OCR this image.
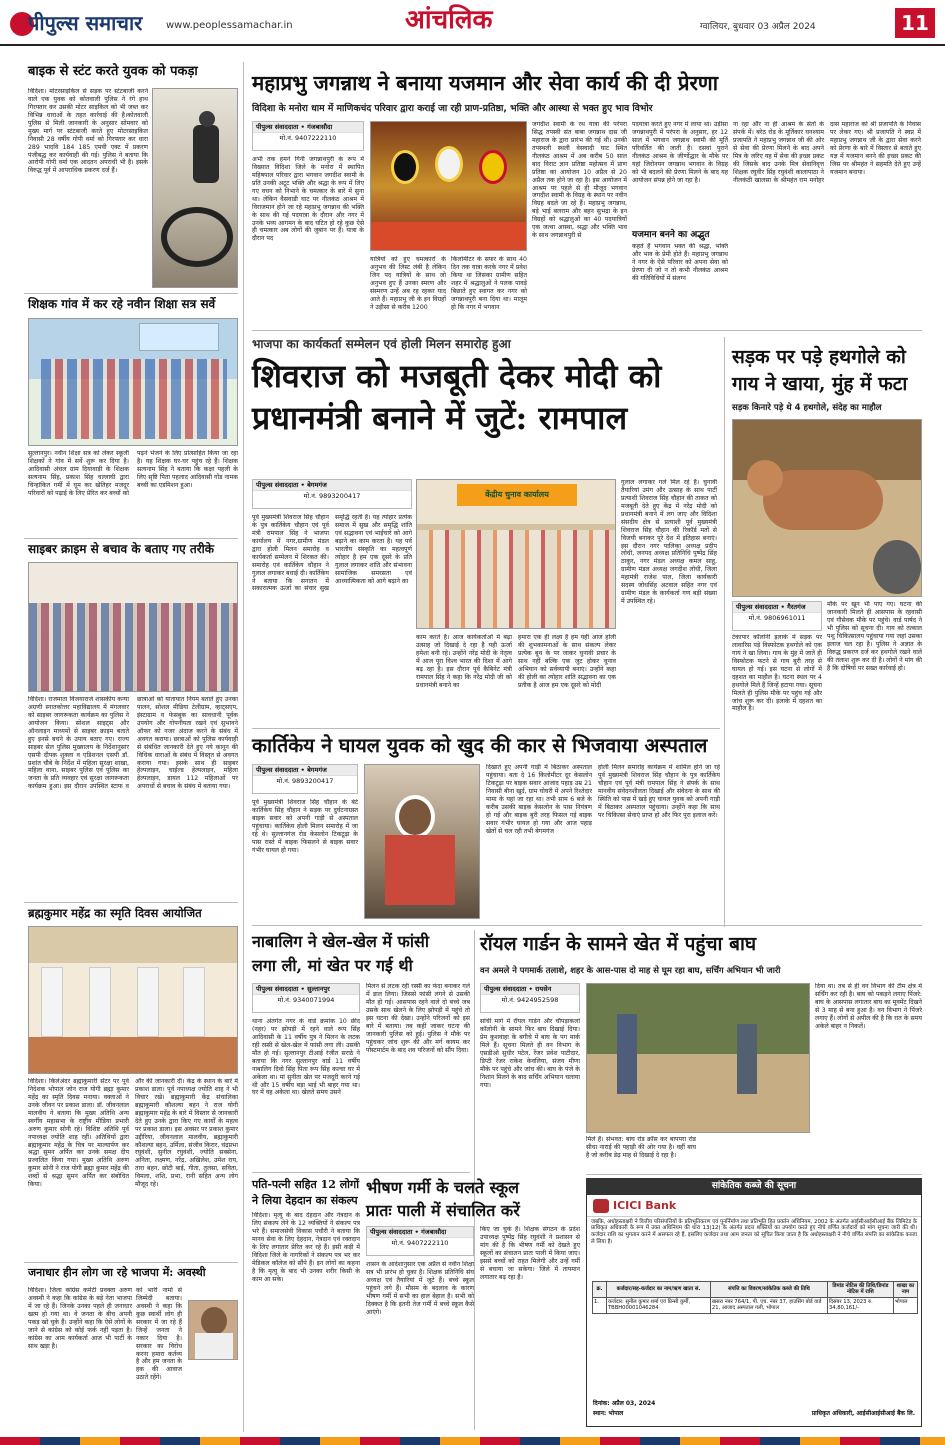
पीपुल्स समाचार www.peoplessamachar.in	आंचलिक	ग्वालियर, बुधवार 03 अप्रैल 2024	11
बाइक से स्टंट करते युवक को पकड़ा
विदिशा। मोटरसाइकिल से सड़क पर स्टंटबाजी करने वाले एक युवक को कोतवाली पुलिस ने रंगे हाथ गिरफ्तार कर उसकी मोटर साइकिल को भी जब्त कर विभिन्न धाराओं के तहत कार्रवाई की है।कोतवाली पुलिस से मिली जानकारी के अनुसार सोमवार को मुख्य मार्ग पर स्टंटबाजी करते हुए मोटरसाइकिल निवासी 28 वर्षीय गोपी वर्मा को गिरफ्तार कर धारा 289 भादवि 184 185 एमवी एक्ट में प्रकरण पंजीबद्ध कर कार्यवाही की गई। पुलिस ने बताया कि आरोपी गोपी वर्मा एक आदतन अपराधी भी है। इसके विरुद्ध पूर्व में आपराधिक प्रकरण दर्ज हैं।
शिक्षक गांव में कर रहे नवीन शिक्षा सत्र सर्वे
सुल्तानपुर। नवीन शिक्षा सत्र को लेकर स्कूली शिक्षकों ने गांव में सर्वे शुरू कर दिया है। आदिवासी अंचल ग्राम दियावाड़ी के शिक्षक सत्यनाम सिंह, प्रकाश सिंह चल्लाघी द्वारा चिन्हांकित गर्मी में घूम कर खेतिहर मजदूर परिवारों को पढ़ाई के लिए प्रेरित कर बच्चों को पढ़ने भेजने के लिए प्रोत्साहित किया जा रहा है। यह शिक्षक घर-घर पहुंच रहे हैं। शिक्षक सत्यनाम सिंह ने बताया कि कक्षा पहली के लिए सृष्टि पिता पहलाद आदिवासी गोंड नामक बच्ची का एडमिशन हुआ।
साइबर क्राइम से बचाव के बताए गए तरीके
विदिशा। राजमाता विजयाराजे शासकीय कन्या अग्रणी स्नातकोत्तर महाविद्यालय में मंगलवार को साइबर जागरूकता कार्यक्रम का पुलिस ने आयोजन किया। सोशल साइट्स और ऑनलाइन माध्यमों से साइबर क्राइम बताते हुए इनसे बचने के उपाय बताए गए। राज्य साइबर सेल पुलिस मुख्यालय के निर्देशानुसार एसपी दीपक शुक्ला व एडिशनल एसपी डॉ. प्रशांत चौबे के निर्देश में महिला सुरक्षा शाखा, महिला थाना, साइबर पुलिस एवं पुलिस का जनता के प्रति व्यवहार एवं सुरक्षा जागरूकता कार्यक्रम हुआ। इस दौरान उपस्थित स्टाफ व छात्राओं को यातायात नियम बताते हुए उनका पालन, सोशल मीडिया टेलीग्राम, व्हाट्सएप, इंस्टाग्राम व फेसबुक का सावधानी पूर्वक उपयोग और गोपनीयता रखने एवं सुभावने ऑफर को नजर अंदाज करने के संबंध में अवगत कराया। छात्राओं को पुलिस कार्यवाही से संबंधित जानकारी देते हुए नये कानून की विधिक धाराओं के संबंध में विस्तृत से अवगत कराया गया। इसके साथ ही साइबर हेल्पलाइन, चाईल्ड हेल्पलाइन, महिला हेल्पलाइन, डायल 112 महिलाओं पर अपराधों से बचाव के संबंध में बताया गया।
ब्रह्मकुमार महेंद्र का स्मृति दिवस आयोजित
विदिशा। किलेअंदर ब्रह्माकुमारी सेंटर पर पूर्व निदेशक भोपाल जोन राज योगी ब्रह्मा कुमार महेंद्र का स्मृति दिवस मनाया। वक्ताओं ने उनके जीवन पर प्रकाश डाला। डॉ. जीवनलाल मालवीय ने बताया कि मुख्य अतिथि अन्य स्वर्गीय महासभा के राष्ट्रीय मीडिया प्रभारी अरुण कुमार सोनी रहे। विशिष्ट अतिथि पूर्व नपाध्यक्ष ज्योति शाह रहीं। अतिथियों द्वारा ब्रह्माकुमार महेंद्र के चित्र पर माल्यार्पण कर श्रद्धा सुमन अर्पित कर उनके समक्ष दीप प्रज्वलित किया गया। मुख्य अतिथि अरुण कुमार सोनी ने राज योगी ब्रह्मा कुमार महेंद्र की शब्दों से श्रद्धा सुमन अर्पित कर संबोधित किया।
और की जानकारी दी। केंद्र के स्थान के बारे में प्रकाश डाला। पूर्व नपाध्यक्ष ज्योति शाह ने भी विचार रखे। ब्रह्माकुमारी केंद्र संचालिका ब्रह्माकुमारी कौशल्या बहन ने राज योगी ब्रह्माकुमार महेंद्र के बारे में विस्तार से जानकारी देते हुए उनके द्वारा किए गए कार्यों के महत्व पर प्रकाश डाला। इस अवसर पर प्रकाश कुमार उद्दीरिया, जीवनलाल मालवीय, ब्रह्माकुमारी कौशल्या बहन, उर्मिला, संजीव किरार, चंद्रप्रभा रघुवंशी, सुनील रघुवंशी, ज्योति सक्सेना, अनिता, लक्ष्मण, नरेंद्र, अखिलेश, उमेश राय, तारा बहन, छोटी बाई, गीता, तुलसा, सविता, विमला, शशि, प्रभा, रानी सहित अन्य लोग मौजूद रहे।
जनाधार हीन लोग जा रहे भाजपा में: अवस्थी
विदिशा। जिला कांग्रेस कमेटी प्रवक्ता अरुण अवस्थी ने कहा कि कांग्रेस के बड़े नेता भाजपा में जा रहे हैं। जिनके उनका पहले ही जनाधार खत्म हो गया था। वे जनता के बीच अपनी पकड़ खो चुके हैं। उन्होंने कहा कि ऐसे लोगों के जाने से कांग्रेस को कोई फर्क नहीं पड़ता है। कांग्रेस का आम कार्यकर्ता आज भी पार्टी के साथ खड़ा है।
को भारी नामों से जिम्मेदी बताया। अवस्थी ने कहा कि कुछ स्वार्थी लोग ही सरकार में जा रहे हैं जिन्हें जनता ने नकार दिया है। सरकार का विरोध करना हमारा कर्तव्य है और हम जनता के हक की आवाज उठाते रहेंगे।
महाप्रभु जगन्नाथ ने बनाया यजमान और सेवा कार्य की दी प्रेरणा
विदिशा के मनोरा धाम में माणिकचंद परिवार द्वारा कराई जा रही प्राण-प्रतिष्ठा, भक्ति और आस्था से भक्त हुए भाव विभोर
पीपुल्स संवाददाता • गंजबासौदा
मो.नं. 9407222110
अभी तक हमने गिनी जगन्नाथपुरी के रूप में विख्यात विदिशा जिले के मनोरा में स्थापित महिषपाल परिवार द्वारा भगवान जगदीश स्वामी के प्रति उनकी अटूट भक्ति और श्रद्धा के रूप में लिए गए वचन को निभाने के चमत्कार के बारे में सुना था। लेकिन वैसवाडी घाट पर नीलकंठ आश्रम में विराजमान होने जा रहे महाप्रभु जगन्नाथ की भक्ति के साथ की गई पदयात्रा के दौरान और नगर में उनके भव्य आगमन के बाद घटित हो रहे कुछ ऐसे ही चमत्कार अब लोगों की जुबान पर हैं। यात्रा के दौरान पद
यात्रियों को हुए चमत्कारों के अनुभव की लिस्ट लंबी है लेकिन जिन पद यात्रियों के साथ जो अनुभव हुए हैं उनका स्मरण और संस्मरण उन्हें अब रह रहकर याद आते हैं। महाप्रभु जी के इन विग्रहों ने उड़ीसा से करीब 1200
किलोमीटर के सफर के साथ 40 दिन तक यात्रा करके नगर में प्रवेश किया था जिसका ग्रामीण सहित शहर में श्रद्धालुओं ने पलक पावड़े बिछाते हुए स्वागत कर नगर को जगन्नाथपुरी बना दिया था। मालूम हो कि नगर में भगवान
जगदीश स्वामी के रथ यात्रा की परंपरा सिद्ध तपस्वी संत बाबा जगन्नाथ दास जी महाराज के द्वारा प्रारंभ की गई थी। उनकी तपस्थली स्थली वेसवादी घाट स्थित नीलकंठ आश्रम में अब करीब 50 साल बाद विराट ज्ञान प्रतिष्ठा महोत्सव में प्राण प्रतिष्ठा का आयोजन 10 अप्रैल से 20 अप्रैल तक होने जा रहा है। इस आयोजन में आश्रम पर पहले से ही मौजूद भगवान जगदीश स्वामी के विग्रह के स्थान पर नवीन विग्रह बदले जा रहे हैं। महाप्रभु जगन्नाथ, बड़े भाई बलराम और बहन सुभद्रा के इन विग्रहों को श्रद्धालुओं का 40 पदयात्रियों एक जत्था आस्था, श्रद्धा और भक्ति भाव के साथ जगन्नाथपुरी से
पदयात्रा करते हुए नगर में लाया था। उड़ीसा जगन्नाथपुरी में परंपरा के अनुसार, हर 12 साल में भगवान जगन्नाथ स्वामी की मूर्ति परिवर्तित की जाती है। दसवां पुराने नीलकंठ आश्रम के जीर्णोद्धार के मौके पर यहां जिरोनयन जगन्नाथ भगवान के विग्रह को भी बदलने की प्रेरणा मिलने के बाद यह आयोजन संपन्न होने जा रहा है।
यजमान बनने का अद्भुत
कहते हैं भगवान भक्त की श्रद्धा, भक्ति और भाव के प्रेमी होते हैं। महाप्रभु जगन्नाथ ने नगर के ऐसे परिवार को अपना सेवा को प्रेरणा दी जो न तो कभी नीलकंठ आश्रम की गतिविधियों में संलग्न
ना रहा और ना ही आश्रम के संतों के संपर्क में। बरेठ रोड के मूर्तिकार घनश्याम प्रजापति ने महाप्रभु जगन्नाथ जी की ओर से सेवा की प्रेरणा मिलने के बाद अपने मित्र के जरिए यह में सेवा की इच्छा प्रकट की जिसके बाद उनके मित्र सेवानिवृत्त शिक्षक रघुवीर सिंह रघुवंशी कालापाठा ने नीलकंठी खालसा के श्रीमहंत राम मनोहर दास महाराज को श्री प्रजापति के निवास पर लेकर गए। श्री प्रजापति ने स्वप्न में महाप्रभु जगन्नाथ जी के द्वारा सेवा करने को प्रेरणा के बारे में विस्तार से बताते हुए यज्ञ में यजमान बनने की इच्छा प्रकट की जिस पर श्रीमहंत ने सहमति देते हुए उन्हें यजमान बनाया।
भाजपा का कार्यकर्ता सम्मेलन एवं होली मिलन समारोह हुआ
शिवराज को मजबूती देकर मोदी को
प्रधानमंत्री बनाने में जुटें: रामपाल
पीपुल्स संवाददाता • बेगमगंज
मो.नं. 9893200417
पूर्व मुख्यमंत्री शिवराज सिंह चौहान के पुत्र कार्तिकेय चौहान एवं पूर्व मंत्री रामपाल सिंह ने भाजपा कार्यालय में नगर,ग्रामीण मंडल द्वारा होली मिलन समारोह व कार्यकर्ता सम्मेलन में शिरकत की। समारोह एवं कार्तिकेय चौहान ने गुलाल लगाकर बधाई दी। कार्तिकेय ने बताया कि सनातन में सकारात्मक ऊर्जा का संचार सुख समृद्धि रहती है। यह त्योहार प्रत्येक समाज में सुख और समृद्धि शांति एवं सद्भावना एवं भाईचारे को आगे बढ़ाने का काम करता है। यह पर्व भारतीय संस्कृति का महत्वपूर्ण त्योहार है हम एक दूसरे के प्रति गुलाल लगाकर शांति और संभावना सामाजिक समरसता एवं आध्यात्मिकता को आगे बढ़ाने का
केंद्रीय चुनाव कार्यालय
काम करते हैं। आज कार्यकर्ताओं में बढ़ा उत्साह जो दिखाई दे रहा है यही ऊर्जा हमेशा बनी रहे। उन्होंने नरेंद्र मोदी के नेतृत्व में आज पूरा विश्व भारत की दिशा में आगे बढ़ रहा है। इस दौरान पूर्व कैबिनेट मंत्री रामपाल सिंह ने कहा कि नरेंद्र मोदी जी को प्रधानमंत्री बनाने का
हमारा एक ही लक्ष्य है हम यही आज होली की शुभकामनाओं के साथ संकल्प लेकर प्रत्येक बूथ के पर जाकर चुनावी प्रचार के साथ नहीं बल्कि एक जुट होकर चुनाव अभियान को सर्वव्यापी बनाएं। उन्होंने कहा की होली का त्योहार शांति सद्भावना का एक प्रतीक है आज हम एक दूसरे को मोदी
गुलाल लगाकर गले मिल रहे हैं। चुनावी तैयारियां उमंग और उत्साह के साथ पार्टी प्रत्याशी शिवराज सिंह चौहान की ताकत को मजबूती देते हुए केंद्र में नरेंद्र मोदी को प्रधानमंत्री बनाने में लग जाए और विदिशा संसदीय क्षेत्र से प्रत्याशी पूर्व मुख्यमंत्री शिवराज सिंह चौहान की रिकॉर्ड मतों से विजयी बनाकर पूरे देश में इतिहास बनाएं। इस दौरान नगर पालिका अध्यक्ष प्रदीप लोधी, जनपद अध्यक्ष प्रतिनिधि पुष्पेंद्र सिंह ठाकुर, नगर मंडल अध्यक्ष कमल साहू, ग्रामीण मंडल अध्यक्ष जगदीश लोधी, जिला महामंत्री राजेश पाल, जिला कार्यकारी सदस्य जोधसिंह अटवाल सहित नगर एवं ग्रामीण मंडल के कार्यकर्ता गण बड़ी संख्या में उपस्थित रहे।
कार्तिकेय ने घायल युवक को खुद की कार से भिजवाया अस्पताल
पीपुल्स संवाददाता • बेगमगंज
मो.नं. 9893200417
पूर्व मुख्यमंत्री शिवराज सिंह चौहान के बेटे कार्तिकेय सिंह चौहान ने सड़क पर दुर्घटनाग्रस्त बाइक सवार को अपनी गाड़ी से अस्पताल पहुंचाया। कार्तिकेय होली मिलन समारोह में जा रहे थे। सुल्तानगंज रोड केसलोन टिकटूढ़ा के पास रास्ते में बाइक फिसलने से बाइक सवार गंभीर घायल हो गया।
दिखाते हुए अपनी गाड़ी में बिठाकर अस्पताल पहुंचाया। बता दे 16 किलोमीटर दूर केसलोन टिकटूढ़ा पर बाइक सवार आजाद पहाड़ उम्र 21 निवासी बीना खुर्द, ग्राम घोघरी में अपने रिश्तेदार मामा के यहां जा रहा था। तभी साम 6 बजे के करीब उसकी बाइक केसलोन के पास नियंत्रण हो गई और बाइक बुरी तरह फिसल गई बाइक सवार गंभीर घायल हो गया और आज पहाड़ खेतों से चल रही तभी बेगमगंज
होली मिलन समारोह कार्यक्रम में शामिल होने जा रहे पूर्व मुख्यमंत्री शिवराज सिंह चौहान के पुत्र कार्तिकेय चौहान एवं पूर्व मंत्री रामपाल सिंह ने संपर्क के साथ मानवीय संवेदनशीलता दिखाई और संवेदना के साथ की स्थिति को पास में खड़े हुए घायल युवक को अपनी गाड़ी में बिठाकर अस्पताल पहुंचाया। उन्होंने कहा कि साथ पर चिकित्सा सेवाएं प्राप्त हो और फिर पूरा इलाज करें।
सड़क पर पड़े हथगोले को
गाय ने खाया, मुंह में फटा
सड़क किनारे पड़े थे 4 हथगोले, संदेह का माहौल
पीपुल्स संवाददाता • गैरतगंज
मो.नं. 9806961011
टेकापार कॉलोनी इलाके में सड़क पर लावारिस पड़े विस्फोटक हथगोले को एक गाय ने खा लिया। गाय के मुंह में जाते ही विस्फोटक फटने से गाय बुरी तरह से घायल हो गई। इस घटना से लोगों में दहशत का माहौल है। घटना स्थल पर 4 हथगोले मिले हैं जिन्हें हटाया गया। सूचना मिलते ही पुलिस मौके पर पहुंच गई और जांच शुरू कर दी। इलाके में दहशत का माहौल है।
मौके पर खून भी पाए गए। घटना की जानकारी मिलते ही आसपास के रहवासी एवं गौसेवक मौके पर पहुंचे। वार्ड पार्षद ने भी पुलिस को सूचना दी। गाय को तत्काल पशु चिकित्सालय पहुंचाया गया जहां उसका इलाज चल रहा है। पुलिस ने अज्ञात के विरुद्ध प्रकरण दर्ज कर हथगोले रखने वाले की तलाश शुरू कर दी है। लोगों ने मांग की है कि दोषियों पर सख्त कार्रवाई हो।
नाबालिग ने खेल-खेल में फांसी
लगा ली, मां खेत पर गई थी
पीपुल्स संवाददाता • सुल्तानपुर
मो.नं. 9340071994
थाना अंतर्गत नगर के वार्ड क्रमांक 10 छींद (नहर) पर झोपड़ी में रहने वाले रूप सिंह आदिवासी के 11 वर्षीय पुत्र ने मिलन के लटक रही रस्सी से खेल-खेल में फांसी लगा ली। उसकी मौत हो गई। सुल्तानपुर टीआई रंजीत सराठे ने बताया कि नगर सुल्तानपुर वार्ड 11 वर्षीय नाबालिग दिवो सिंह पिता रूप सिंह कल्चा घर में अकेला था। मां सुनीता खेत पर मजदूरी करने गई थी और 15 वर्षीय बड़ा भाई भी बाहर गया था। घर में वह अकेला था। खेलते समय उसने
मिलन से लटक रही रस्सी का फंदा बनाकर गले में डाल लिया। जिससे फांसी लगने से उसकी मौत हो गई। आसपास रहने वाले दो बच्चे जब उसके साथ खेलने के लिए झोपड़ी में पहुंचे तो इस घटना की देखा। उन्होंने परिजनों को इस बारे में बताया। तब कहीं जाकर घटना की जानकारी पुलिस को हुई। पुलिस ने मौके पर पहुंचकर जांच शुरू की और मर्ग कायम कर पोस्टमार्टम के बाद शव परिजनों को सौंप दिया।
पति-पत्नी सहित 12 लोगों
ने लिया देहदान का संकल्प
विदिशा। मृत्यु के बाद देहदान और नेत्रदान के लिए संकल्प लेने के 12 व्यक्तियों ने संकल्प पत्र भरे हैं। समाजसेवी विकास पचौरी ने बताया कि मानव सेवा के लिए देहदान, नेत्रदान एवं रक्तदान के लिए लगातार प्रेरित कर रहे हैं। इसी कड़ी में विदिशा जिले के नागरिकों ने संकल्प पत्र भर कर मेडिकल कॉलेज को सौंपे हैं। इन लोगों का कहना है कि मृत्यु के बाद भी उनका शरीर किसी के काम आ सके।
भीषण गर्मी के चलते स्कूल
प्रातः पाली में संचालित करें
पीपुल्स संवाददाता • गंजबासौदा
मो.नं. 9407222110
शासन के आदेशानुसार एक अप्रैल से नवीन शिक्षा सत्र भी प्रारंभ हो चुका है। शिक्षक प्रतिनिधि संघ अध्यक्ष एवं तैयारियां में जुटे हैं। बच्चे स्कूल पहुंचने लगे हैं। मौसम के बदलाव के कारण भीषण गर्मी में सभी का हाल बेहाल है। सभी को दिक्कत है कि इतनी तेज गर्मी में बच्चे स्कूल कैसे आएंगे।
किए जा चुके हैं। शिक्षक संगठन के प्रदेश उपाध्यक्ष पुष्पेंद्र सिंह रघुवंशी ने प्रशासन से मांग की है कि भीषण गर्मी को देखते हुए स्कूलों का संचालन प्रातः पाली में किया जाए। इससे बच्चों को राहत मिलेगी और उन्हें गर्मी से बचाया जा सकेगा। जिले में तापमान लगातार बढ़ रहा है।
रॉयल गार्डन के सामने खेत में पहुंचा बाघ
वन अमले ने पगमार्क तलाशे, शहर के आस-पास दो माह से घूम रहा बाघ, सर्चिंग अभियान भी जारी
पीपुल्स संवाददाता • रायसेन
मो.नं. 9424952598
सांची मार्ग में रॉयल गार्डन और चौपड़ाकलां कॉलोनी के सामने फिर बाघ दिखाई दिया। प्रेम कुशवाहा के बगीचे में बाघ के पग मार्क मिले हैं। सूचना मिलते ही वन विभाग के एसडीओ सुधीर पटेल, रेंजर प्रवेश पाटीदार, डिप्टी रेंजर राकेश केवलिया, संजय मीणा मौके पर पहुंचे और जांच की। बाघ के पंजे के निशान मिलने के बाद सर्चिंग अभियान चलाया गया।
मिले हैं। संभवत: बाघ रोड क्रॉस कर बापपरा रोड सीधा नाराई की पहाड़ी की ओर गया है। वहीं बाघ है जो करीब डेढ़ माह से दिखाई दे रहा है।
दिया था। तब से ही वन विभाग की टीम क्षेत्र में सर्चिंग कर रही है। बाघ को पकड़ने लगाए पिंजरे: बाघ के आसपास लगातार बाघ का मूवमेंट दिखने से 3 माह से बना हुआ है। वन विभाग ने पिंजरे लगाए हैं। लोगों से अपील की है कि रात के समय अकेले बाहर न निकलें।
सांकेतिक कब्जे की सूचना
ICICI Bank
जबकि, अधोहस्ताक्षरी ने वित्तीय परिसंपत्तियों के प्रतिभूतिकरण एवं पुनर्निर्माण तथा प्रतिभूति हित प्रवर्तन अधिनियम, 2002 के अंतर्गत आईसीआईसीआई बैंक लिमिटेड के प्राधिकृत अधिकारी के रूप में उक्त अधिनियम की धारा 13(12) के अंतर्गत प्रदत्त शक्तियों का उपयोग करते हुए नीचे वर्णित कर्जदारों को मांग सूचना जारी की थी। कर्जदार राशि का भुगतान करने में असफल रहे हैं, इसलिए कर्जदार तथा आम जनता को सूचित किया जाता है कि अधोहस्ताक्षरी ने नीचे वर्णित संपत्ति का सांकेतिक कब्जा ले लिया है।
क्र.	कर्जदार/सह-कर्जदार का नाम/ऋण खाता सं.	संपत्ति का विवरण/सांकेतिक कब्जे की तिथि	डिमांड नोटिस की तिथि/डिमांड नोटिस में राशि	शाखा का नाम
1.	कर्जदार: सुनील कुमार शर्मा एवं प्रिन्सी कुर्मी, TBBH00001046284	खसरा नंबर 764/1, पी. एच. नंबर 37, हाउसिंग बोर्ड वार्ड 21, आजाद अस्पताल गली, भोपाल	दिसंबर 13, 2023 रु. 34,80,161/-	भोपाल
दिनांक: अप्रैल 03, 2024
स्थान: भोपाल	प्राधिकृत अधिकारी, आईसीआईसीआई बैंक लि.
